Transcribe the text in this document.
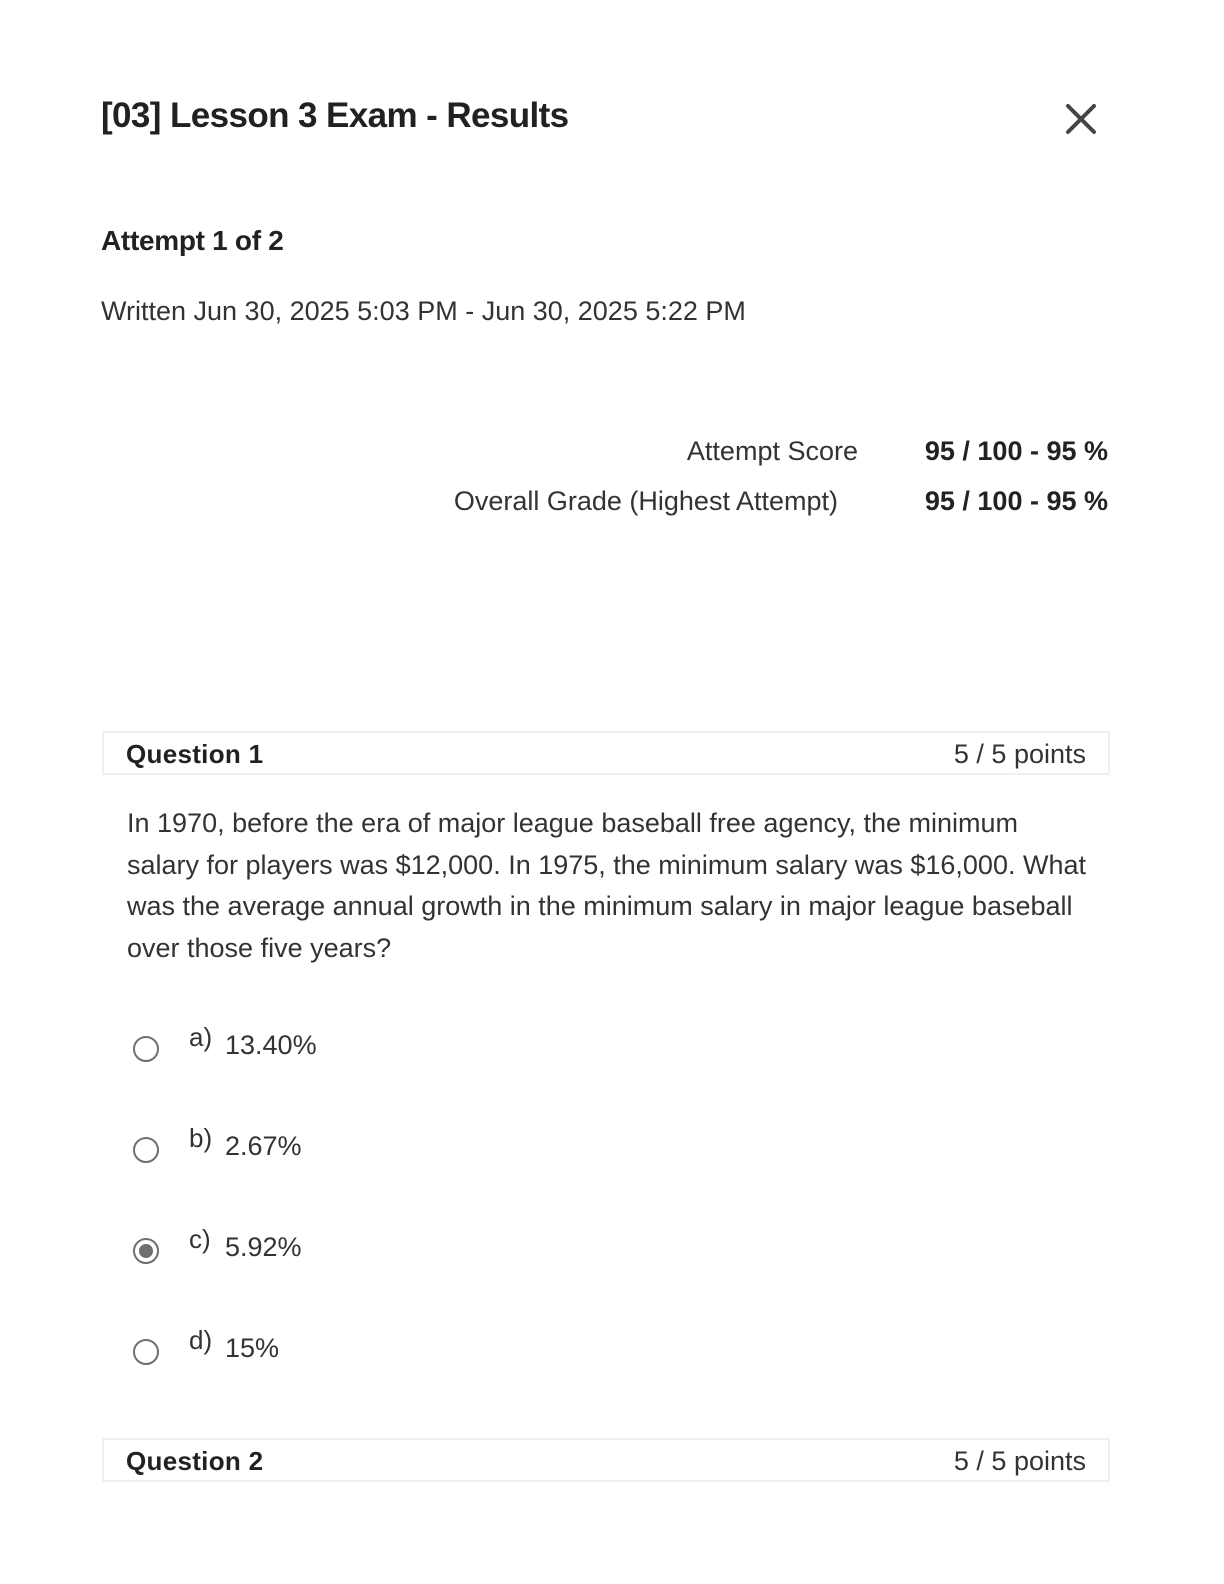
[03] Lesson 3 Exam - Results
Attempt 1 of 2
Written Jun 30, 2025 5:03 PM - Jun 30, 2025 5:22 PM
Attempt Score 95 / 100 - 95 %
Overall Grade (Highest Attempt)	95 / 100 - 95 %
Question 1	5 / 5 points
In 1970, before the era of major league baseball free agency, the minimum salary for players was $12,000. In 1975, the minimum salary was $16,000. What was the average annual growth in the minimum salary in major league baseball over those five years?
a) 13.40%
b) 2.67%
c) 5.92%
d) 15%
Question 2	5 / 5 points
